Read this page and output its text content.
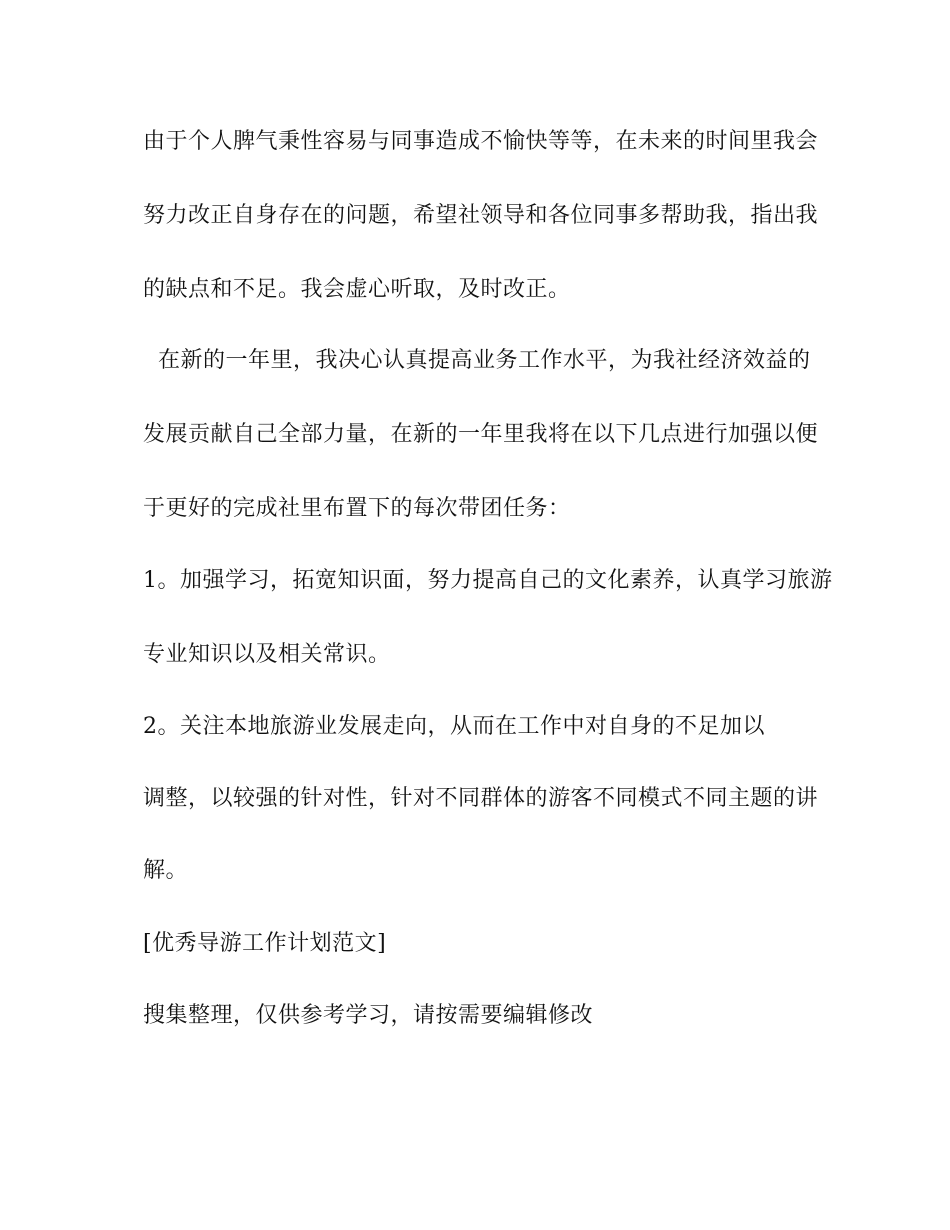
由于个人脾气秉性容易与同事造成不愉快等等，在未来的时间里我会
努力改正自身存在的问题，希望社领导和各位同事多帮助我，指出我
的缺点和不足。我会虚心听取，及时改正。
在新的一年里，我决心认真提高业务工作水平，为我社经济效益的
发展贡献自己全部力量，在新的一年里我将在以下几点进行加强以便
于更好的完成社里布置下的每次带团任务：
1。加强学习，拓宽知识面，努力提高自己的文化素养，认真学习旅游
专业知识以及相关常识。
2。关注本地旅游业发展走向，从而在工作中对自身的不足加以
调整，以较强的针对性，针对不同群体的游客不同模式不同主题的讲
解。
[优秀导游工作计划范文]
搜集整理，仅供参考学习，请按需要编辑修改
